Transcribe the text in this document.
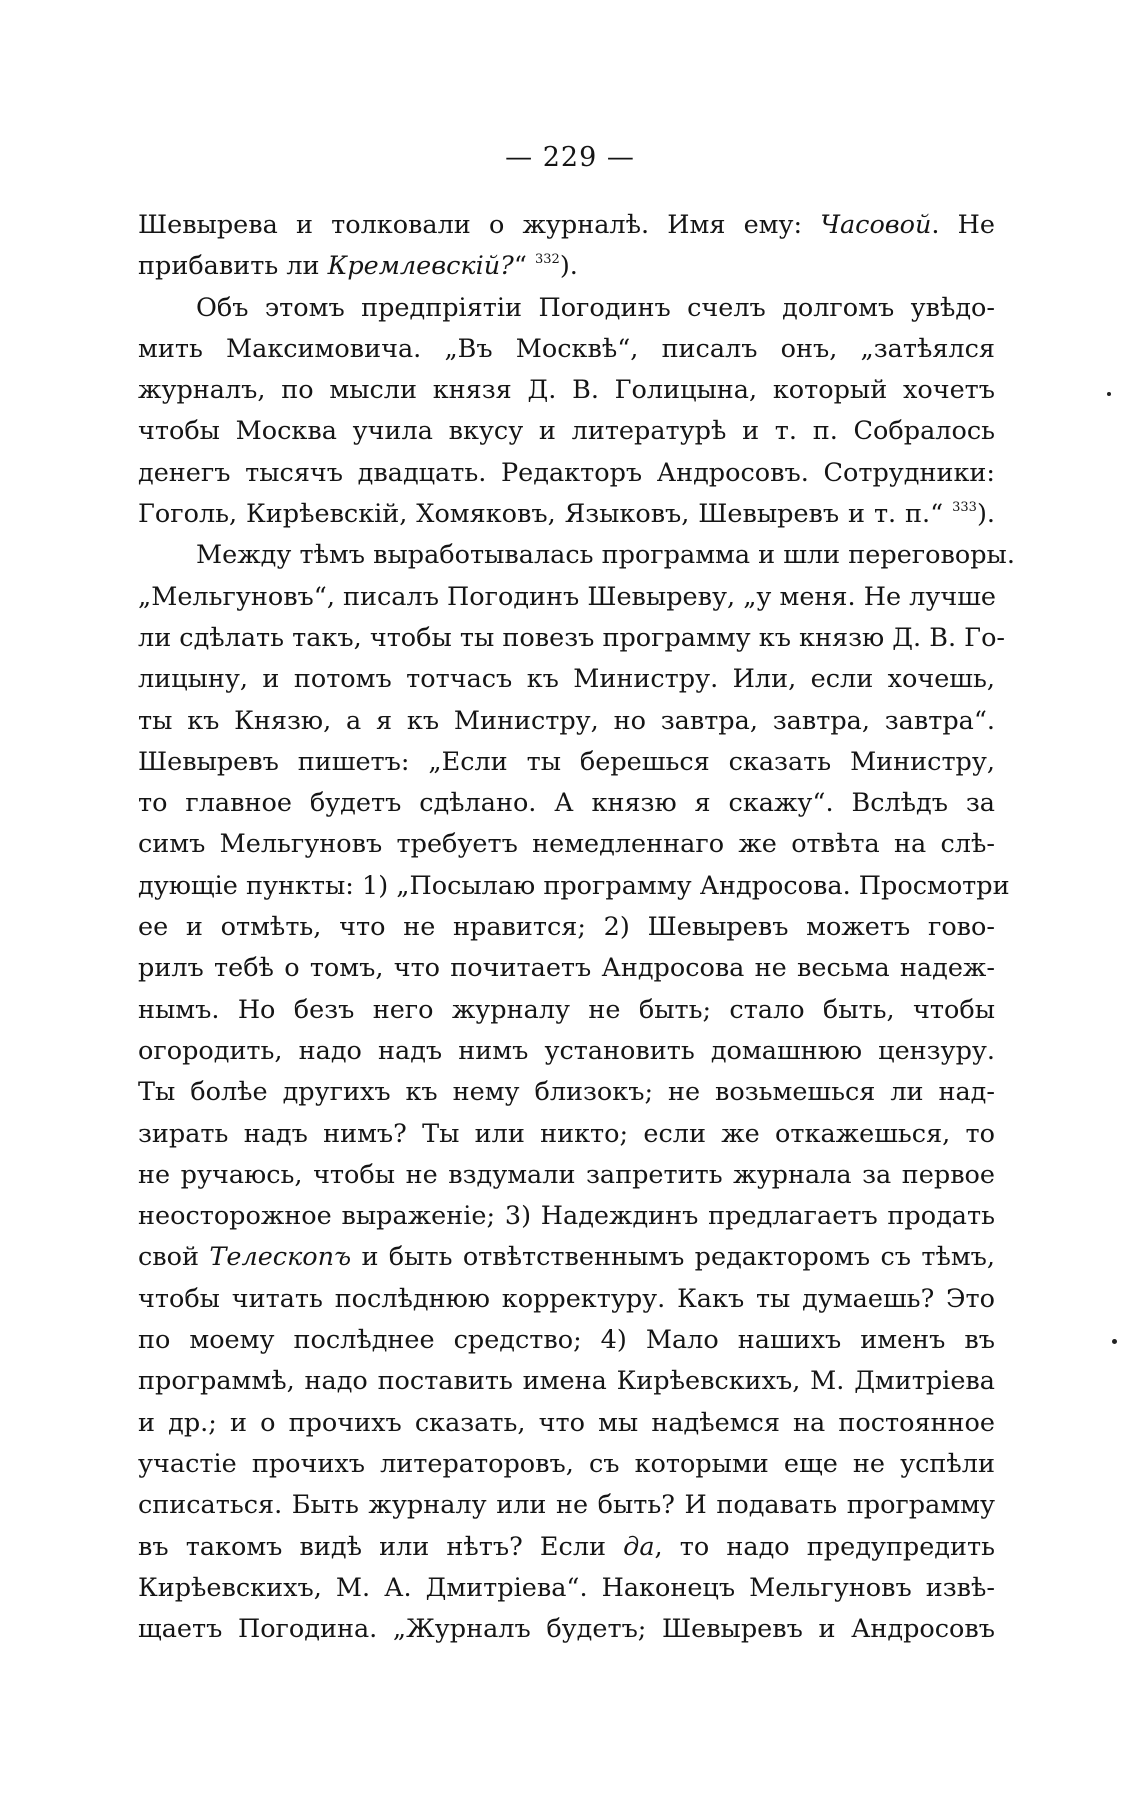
— 229 —
Шевырева и толковали о журналѣ. Имя ему: Часовой. Не
прибавить ли Кремлевскій?“ $^{332}$).
Объ этомъ предпріятіи Погодинъ счелъ долгомъ увѣдо-
мить Максимовича. „Въ Москвѣ“, писалъ онъ, „затѣялся
журналъ, по мысли князя Д. В. Голицына, который хочетъ
чтобы Москва учила вкусу и литературѣ и т. п. Собралось
денегъ тысячъ двадцать. Редакторъ Андросовъ. Сотрудники:
Гоголь, Кирѣевскій, Хомяковъ, Языковъ, Шевыревъ и т. п.“ $^{333}$).
Между тѣмъ выработывалась программа и шли переговоры.
„Мельгуновъ“, писалъ Погодинъ Шевыреву, „у меня. Не лучше
ли сдѣлать такъ, чтобы ты повезъ программу къ князю Д. В. Го-
лицыну, и потомъ тотчасъ къ Министру. Или, если хочешь,
ты къ Князю, а я къ Министру, но завтра, завтра, завтра“.
Шевыревъ пишетъ: „Если ты берешься сказать Министру,
то главное будетъ сдѣлано. А князю я скажу“. Вслѣдъ за
симъ Мельгуновъ требуетъ немедленнаго же отвѣта на слѣ-
дующіе пункты: 1) „Посылаю программу Андросова. Просмотри
ее и отмѣть, что не нравится; 2) Шевыревъ можетъ гово-
рилъ тебѣ о томъ, что почитаетъ Андросова не весьма надеж-
нымъ. Но безъ него журналу не быть; стало быть, чтобы
огородить, надо надъ нимъ установить домашнюю цензуру.
Ты болѣе другихъ къ нему близокъ; не возьмешься ли над-
зирать надъ нимъ? Ты или никто; если же откажешься, то
не ручаюсь, чтобы не вздумали запретить журнала за первое
неосторожное выраженіе; 3) Надеждинъ предлагаетъ продать
свой Телескопъ и быть отвѣтственнымъ редакторомъ съ тѣмъ,
чтобы читать послѣднюю корректуру. Какъ ты думаешь? Это
по моему послѣднее средство; 4) Мало нашихъ именъ въ
программѣ, надо поставить имена Кирѣевскихъ, М. Дмитріева
и др.; и о прочихъ сказать, что мы надѣемся на постоянное
участіе прочихъ литераторовъ, съ которыми еще не успѣли
списаться. Быть журналу или не быть? И подавать программу
въ такомъ видѣ или нѣтъ? Если да, то надо предупредить
Кирѣевскихъ, М. А. Дмитріева“. Наконецъ Мельгуновъ извѣ-
щаетъ Погодина. „Журналъ будетъ; Шевыревъ и Андросовъ
